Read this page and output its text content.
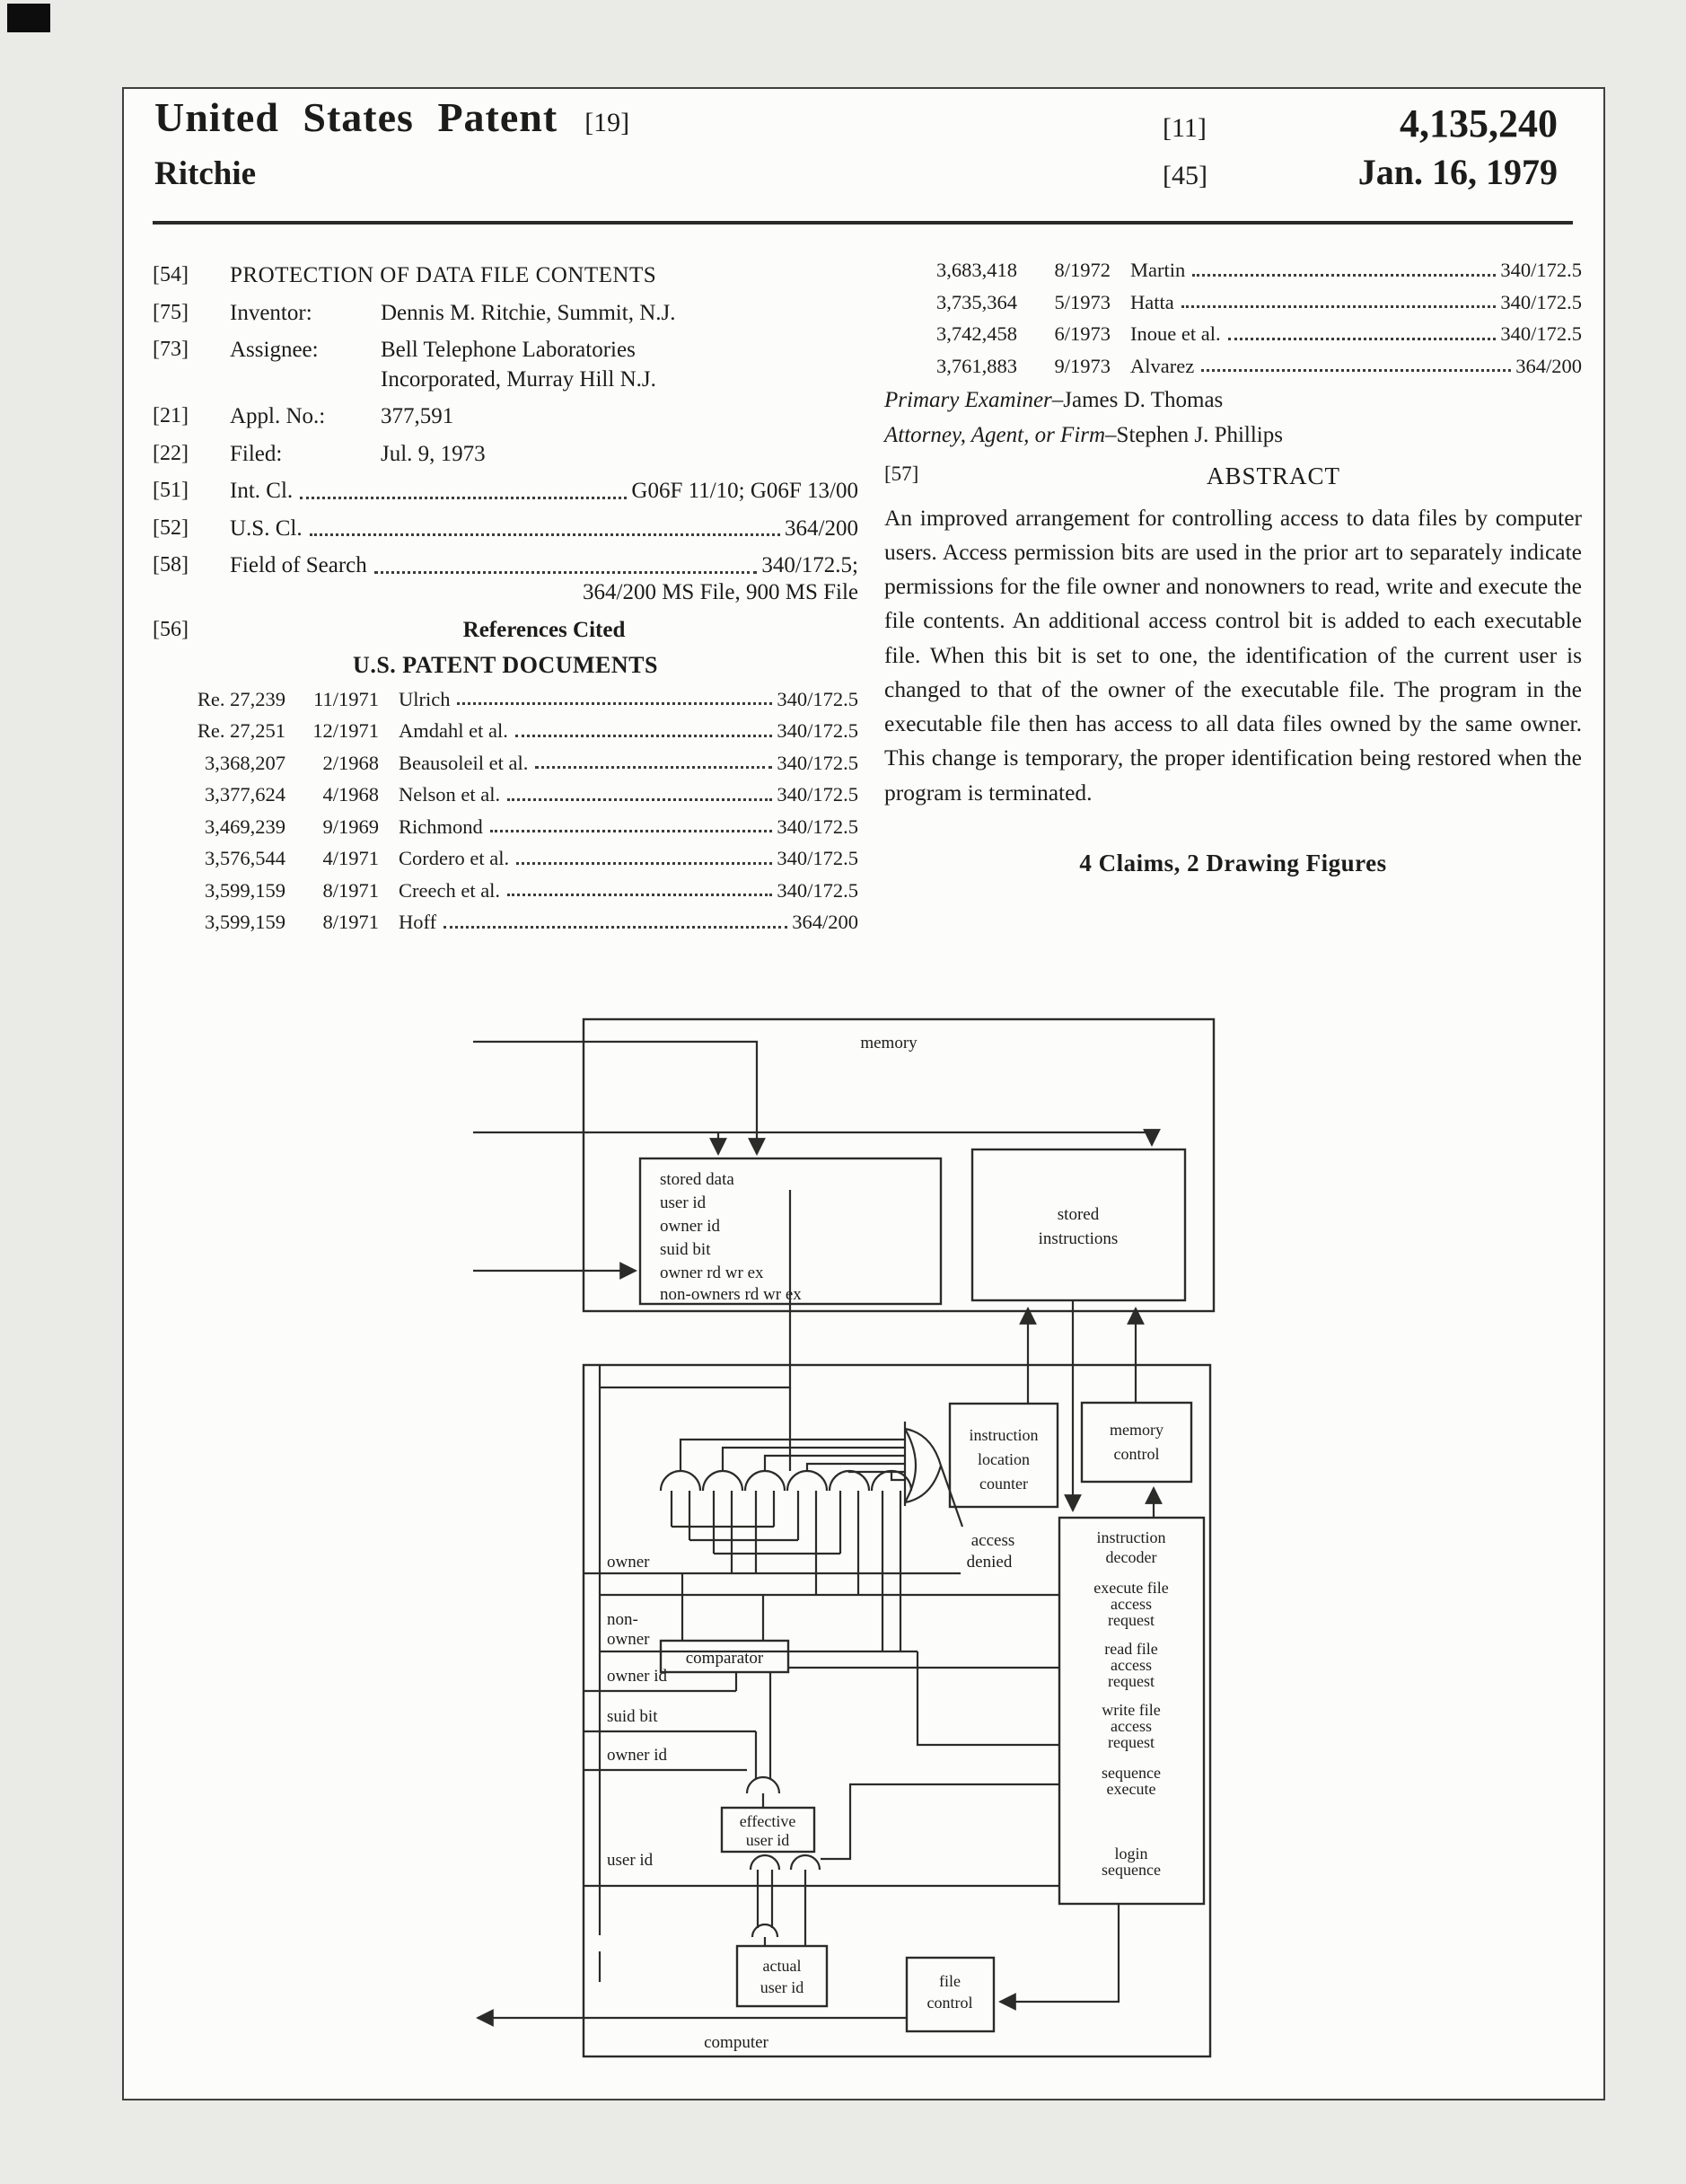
United States Patent [19]
Ritchie
[11]	4,135,240
[45]	Jan. 16, 1979
[54]	PROTECTION OF DATA FILE CONTENTS
[75]	Inventor:	Dennis M. Ritchie, Summit, N.J.
[73]	Assignee:	Bell Telephone Laboratories
Incorporated, Murray Hill N.J.
[21]	Appl. No.:	377,591
[22]	Filed:	Jul. 9, 1973
[51]	Int. Cl.	G06F 11/10; G06F 13/00
[52]	U.S. Cl.	364/200
[58]	Field of Search	340/172.5;
364/200 MS File, 900 MS File
[56]	References Cited
U.S. PATENT DOCUMENTS
Re. 27,239	11/1971 Ulrich	340/172.5
Re. 27,251	12/1971 Amdahl et al.	340/172.5
3,368,207	2/1968 Beausoleil et al.	340/172.5
3,377,624	4/1968 Nelson et al.	340/172.5
3,469,239	9/1969 Richmond	340/172.5
3,576,544	4/1971 Cordero et al.	340/172.5
3,599,159	8/1971 Creech et al.	340/172.5
3,599,159	8/1971 Hoff	364/200
3,683,418	8/1972 Martin	340/172.5
3,735,364	5/1973 Hatta	340/172.5
3,742,458	6/1973 Inoue et al.	340/172.5
3,761,883	9/1973 Alvarez	364/200
Primary Examiner–James D. Thomas
Attorney, Agent, or Firm–Stephen J. Phillips
[57]	ABSTRACT
An improved arrangement for controlling access to data files by computer users. Access permission bits are used in the prior art to separately indicate permissions for the file owner and nonowners to read, write and execute the file contents. An additional access control bit is added to each executable file. When this bit is set to one, the identification of the current user is changed to that of the owner of the executable file. The program in the executable file then has access to all data files owned by the same owner. This change is temporary, the proper identification being restored when the program is terminated.
4 Claims, 2 Drawing Figures
memory
stored data
user id
owner id
suid bit
owner rd wr ex
non-owners rd wr ex
stored
instructions
computer
instruction
location
counter
memory
control
access
denied
owner
non-
owner
owner id
suid bit
owner id
user id
comparator
effective
user id
actual
user id
instruction
decoder
execute file
access
request
read file
access
request
write file
access
request
sequence
execute
login
sequence
file
control
